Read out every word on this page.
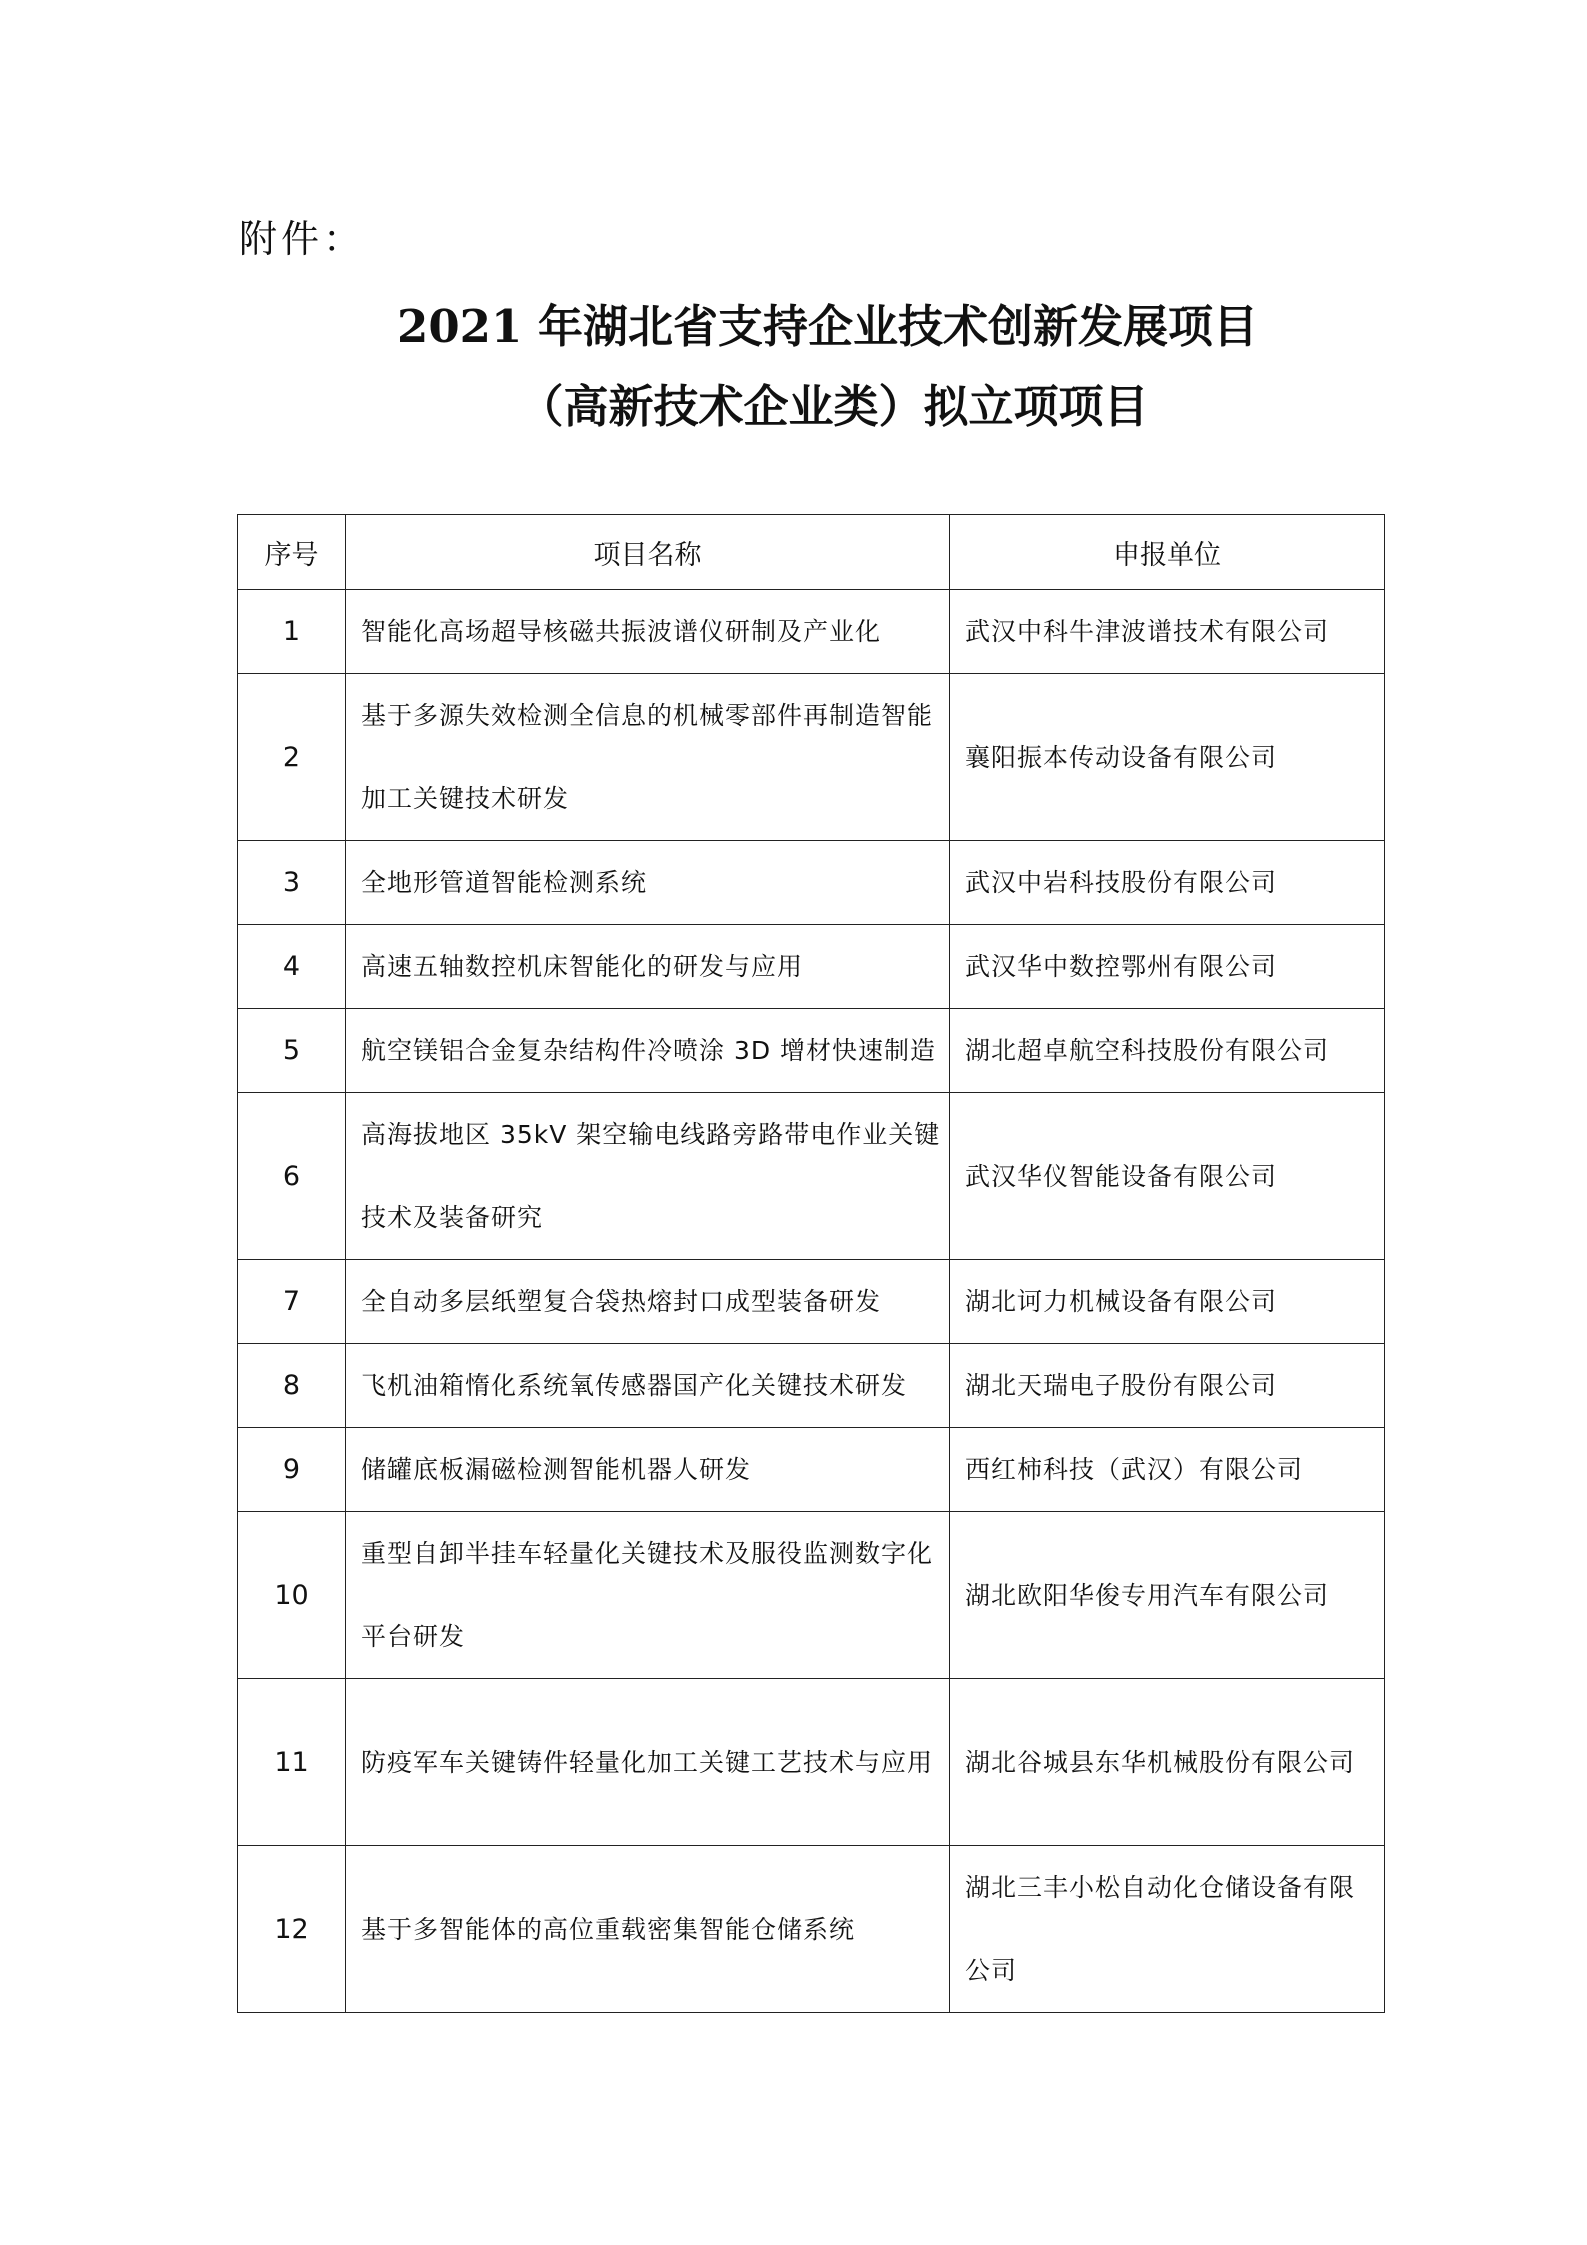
附件：
2021 年湖北省支持企业技术创新发展项目
（高新技术企业类）拟立项项目
序号	项目名称	申报单位
1	智能化高场超导核磁共振波谱仪研制及产业化	武汉中科牛津波谱技术有限公司
2	基于多源失效检测全信息的机械零部件再制造智能加工关键技术研发	襄阳振本传动设备有限公司
3	全地形管道智能检测系统	武汉中岩科技股份有限公司
4	高速五轴数控机床智能化的研发与应用	武汉华中数控鄂州有限公司
5	航空镁铝合金复杂结构件冷喷涂 3D 增材快速制造	湖北超卓航空科技股份有限公司
6	高海拔地区 35kV 架空输电线路旁路带电作业关键技术及装备研究	武汉华仪智能设备有限公司
7	全自动多层纸塑复合袋热熔封口成型装备研发	湖北诃力机械设备有限公司
8	飞机油箱惰化系统氧传感器国产化关键技术研发	湖北天瑞电子股份有限公司
9	储罐底板漏磁检测智能机器人研发	西红柿科技（武汉）有限公司
10	重型自卸半挂车轻量化关键技术及服役监测数字化平台研发	湖北欧阳华俊专用汽车有限公司
11	防疫军车关键铸件轻量化加工关键工艺技术与应用	湖北谷城县东华机械股份有限公司
12	基于多智能体的高位重载密集智能仓储系统	湖北三丰小松自动化仓储设备有限公司
